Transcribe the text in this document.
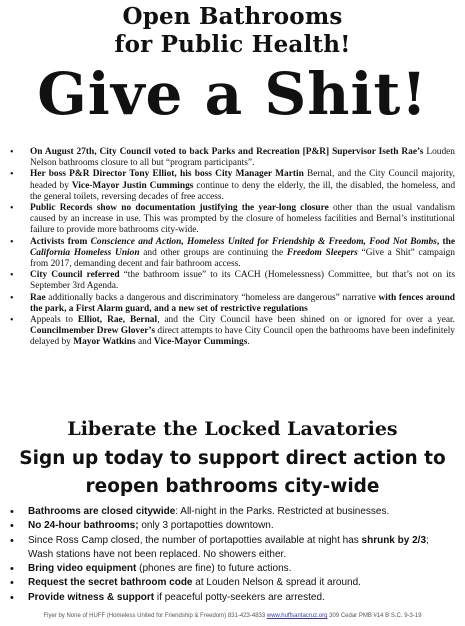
Open Bathrooms
for Public Health!
Give a Shit!
• On August 27th, City Council voted to back Parks and Recreation [P&R] Supervisor Iseth Rae’s Louden Nelson bathrooms closure to all but “program participants”.
• Her boss P&R Director Tony Elliot, his boss City Manager Martin Bernal, and the City Council majority, headed by Vice-Mayor Justin Cummings continue to deny the elderly, the ill, the disabled, the homeless, and the general toilets, reversing decades of free access.
• Public Records show no documentation justifying the year-long closure other than the usual vandalism caused by an increase in use. This was prompted by the closure of homeless facilities and Bernal’s institutional failure to provide more bathrooms city-wide.
• Activists from Conscience and Action, Homeless United for Friendship & Freedom, Food Not Bombs, the California Homeless Union and other groups are continuing the Freedom Sleepers “Give a Shit” campaign from 2017, demanding decent and fair bathroom access.
• City Council referred “the bathroom issue” to its CACH (Homelessness) Committee, but that’s not on its September 3rd Agenda.
• Rae additionally backs a dangerous and discriminatory “homeless are dangerous” narrative with fences around the park, a First Alarm guard, and a new set of restrictive regulations
• Appeals to Elliot, Rae, Bernal, and the City Council have been shined on or ignored for over a year. Councilmember Drew Glover’s direct attempts to have City Council open the bathrooms have been indefinitely delayed by Mayor Watkins and Vice-Mayor Cummings.
Liberate the Locked Lavatories
Sign up today to support direct action to
reopen bathrooms city-wide
• Bathrooms are closed citywide: All-night in the Parks. Restricted at businesses.
• No 24-hour bathrooms; only 3 portapotties downtown.
• Since Ross Camp closed, the number of portapotties available at night has shrunk by 2/3; Wash stations have not been replaced. No showers either.
• Bring video equipment (phones are fine) to future actions.
• Request the secret bathroom code at Louden Nelson & spread it around.
• Provide witness & support if peaceful potty-seekers are arrested.
Flyer by None of HUFF (Homeless United for Friendship & Freedom) 831-423-4833 www.huffsantacruz.org 309 Cedar PMB #14 B S.C. 9-3-19
